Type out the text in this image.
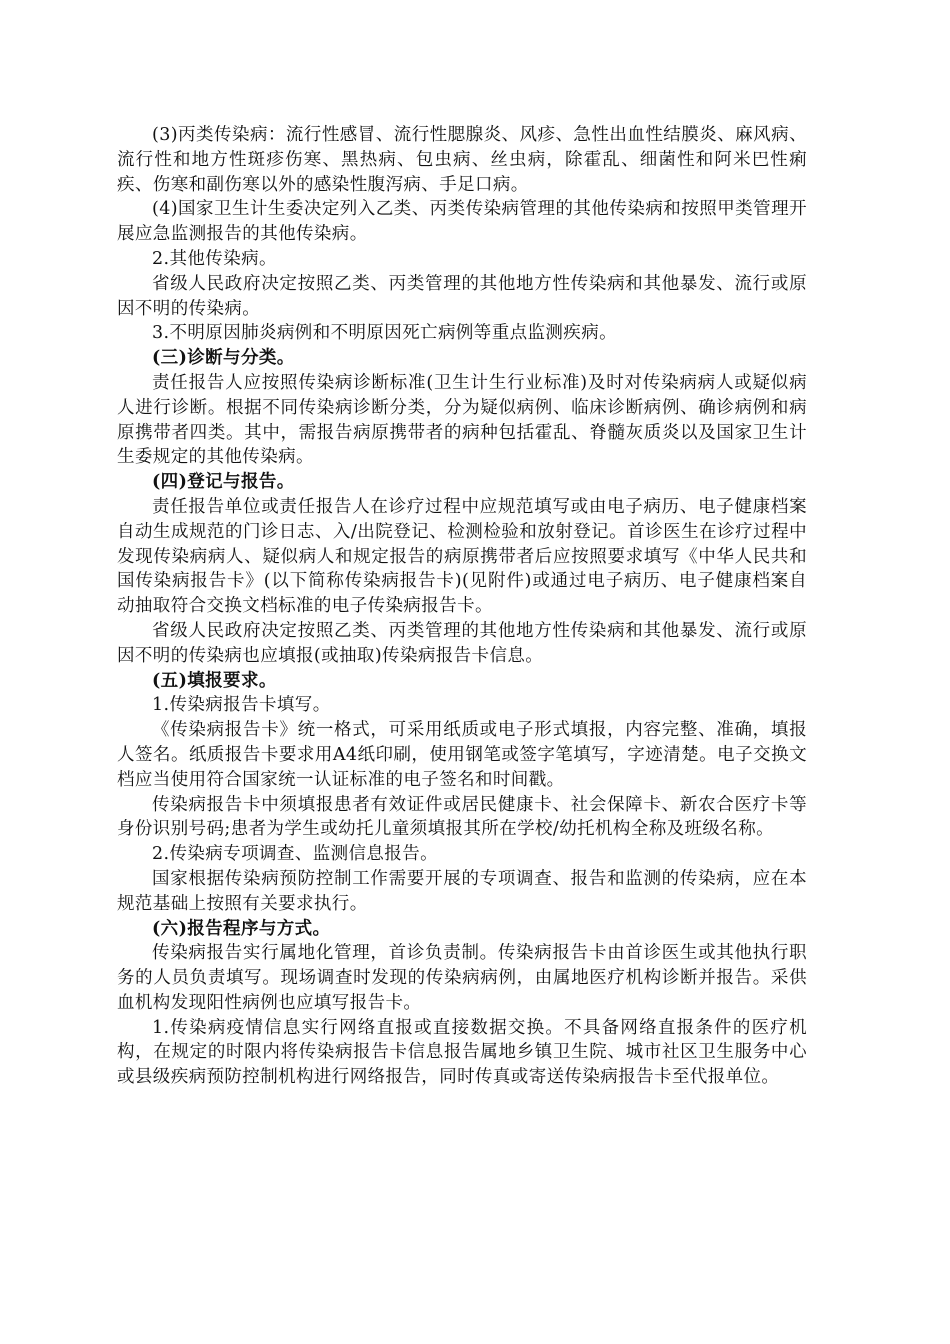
(3)丙类传染病：流行性感冒、流行性腮腺炎、风疹、急性出血性结膜炎、麻风病、流行性和地方性斑疹伤寒、黑热病、包虫病、丝虫病，除霍乱、细菌性和阿米巴性痢疾、伤寒和副伤寒以外的感染性腹泻病、手足口病。

(4)国家卫生计生委决定列入乙类、丙类传染病管理的其他传染病和按照甲类管理开展应急监测报告的其他传染病。

2.其他传染病。

省级人民政府决定按照乙类、丙类管理的其他地方性传染病和其他暴发、流行或原因不明的传染病。

3.不明原因肺炎病例和不明原因死亡病例等重点监测疾病。

(三)诊断与分类。

责任报告人应按照传染病诊断标准(卫生计生行业标准)及时对传染病病人或疑似病人进行诊断。根据不同传染病诊断分类，分为疑似病例、临床诊断病例、确诊病例和病原携带者四类。其中，需报告病原携带者的病种包括霍乱、脊髓灰质炎以及国家卫生计生委规定的其他传染病。

(四)登记与报告。

责任报告单位或责任报告人在诊疗过程中应规范填写或由电子病历、电子健康档案自动生成规范的门诊日志、入/出院登记、检测检验和放射登记。首诊医生在诊疗过程中发现传染病病人、疑似病人和规定报告的病原携带者后应按照要求填写《中华人民共和国传染病报告卡》(以下简称传染病报告卡)(见附件)或通过电子病历、电子健康档案自动抽取符合交换文档标准的电子传染病报告卡。

省级人民政府决定按照乙类、丙类管理的其他地方性传染病和其他暴发、流行或原因不明的传染病也应填报(或抽取)传染病报告卡信息。

(五)填报要求。

1.传染病报告卡填写。

《传染病报告卡》统一格式，可采用纸质或电子形式填报，内容完整、准确，填报人签名。纸质报告卡要求用A4纸印刷，使用钢笔或签字笔填写，字迹清楚。电子交换文档应当使用符合国家统一认证标准的电子签名和时间戳。

传染病报告卡中须填报患者有效证件或居民健康卡、社会保障卡、新农合医疗卡等身份识别号码;患者为学生或幼托儿童须填报其所在学校/幼托机构全称及班级名称。

2.传染病专项调查、监测信息报告。

国家根据传染病预防控制工作需要开展的专项调查、报告和监测的传染病，应在本规范基础上按照有关要求执行。

(六)报告程序与方式。

传染病报告实行属地化管理，首诊负责制。传染病报告卡由首诊医生或其他执行职务的人员负责填写。现场调查时发现的传染病病例，由属地医疗机构诊断并报告。采供血机构发现阳性病例也应填写报告卡。

1.传染病疫情信息实行网络直报或直接数据交换。不具备网络直报条件的医疗机构，在规定的时限内将传染病报告卡信息报告属地乡镇卫生院、城市社区卫生服务中心或县级疾病预防控制机构进行网络报告，同时传真或寄送传染病报告卡至代报单位。
